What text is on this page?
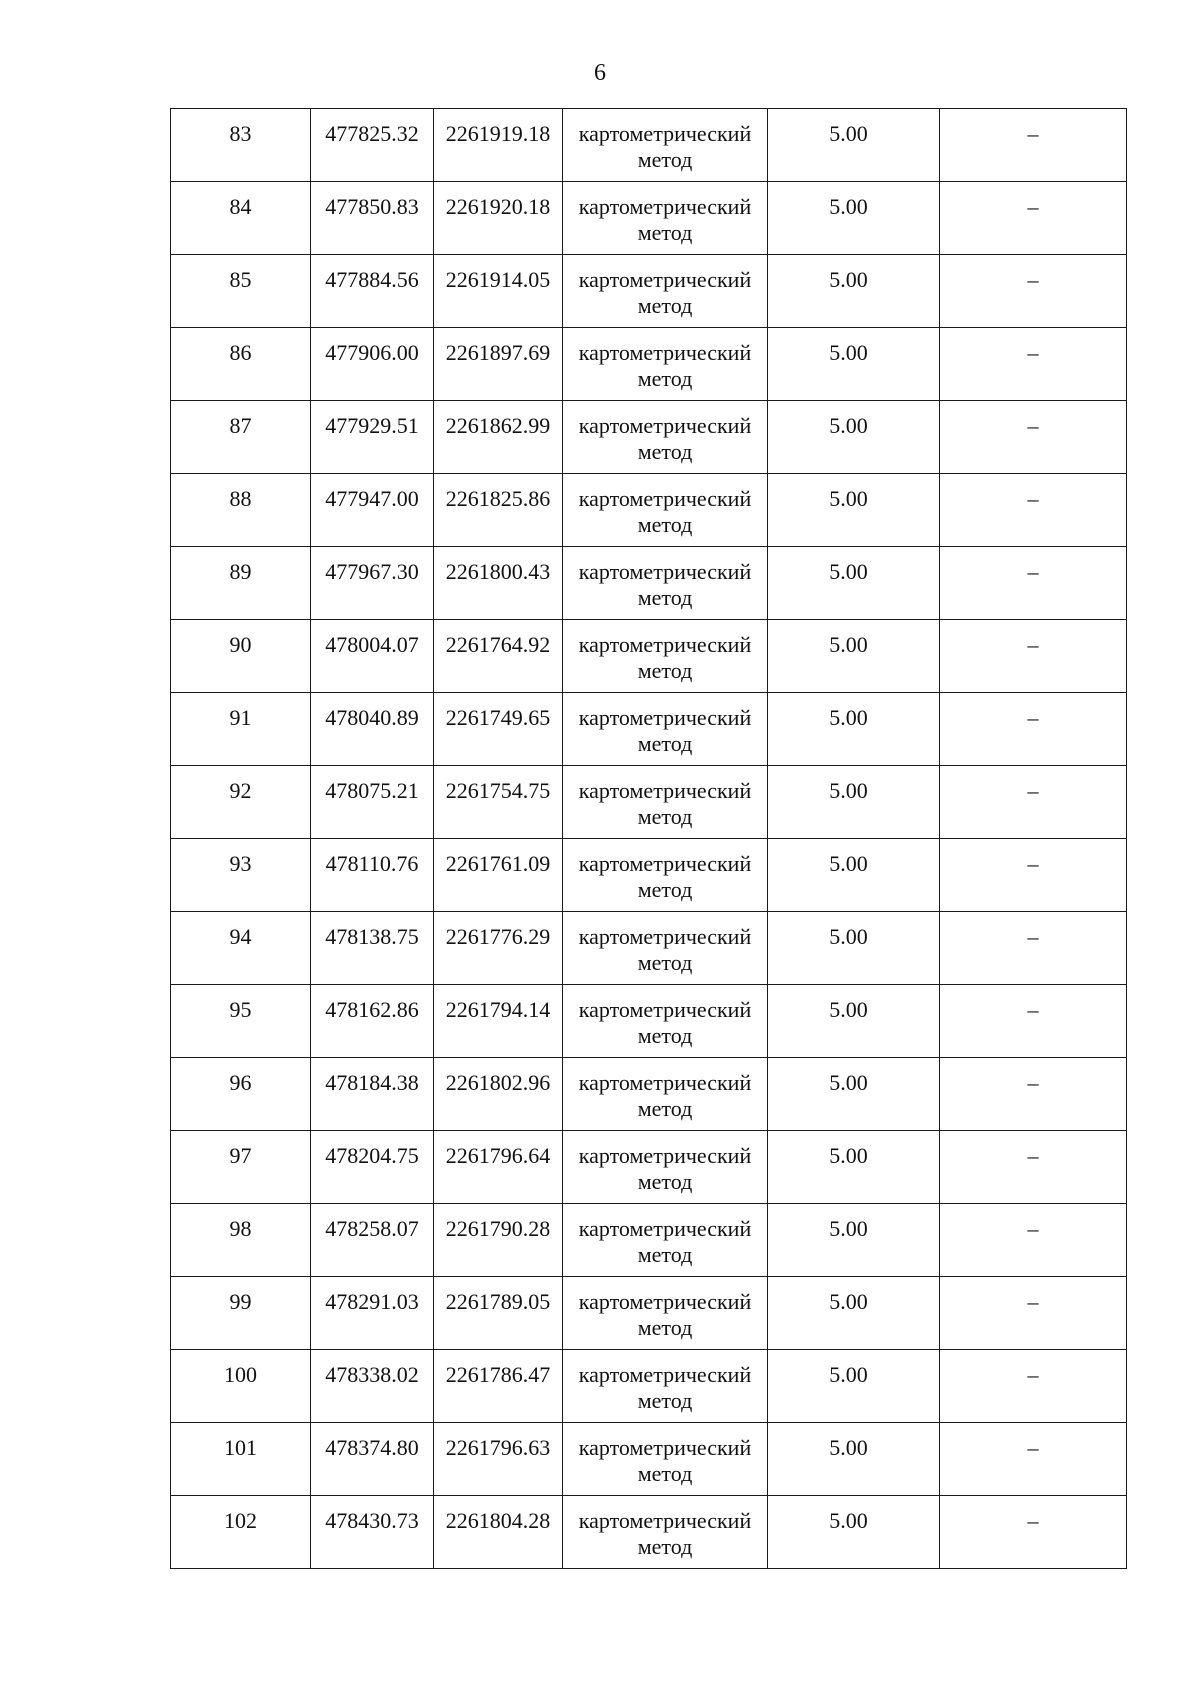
6
83	477825.32	2261919.18	картометрический
метод	5.00	–

84	477850.83	2261920.18	картометрический
метод	5.00	–

85	477884.56	2261914.05	картометрический
метод	5.00	–

86	477906.00	2261897.69	картометрический
метод	5.00	–

87	477929.51	2261862.99	картометрический
метод	5.00	–

88	477947.00	2261825.86	картометрический
метод	5.00	–

89	477967.30	2261800.43	картометрический
метод	5.00	–

90	478004.07	2261764.92	картометрический
метод	5.00	–

91	478040.89	2261749.65	картометрический
метод	5.00	–

92	478075.21	2261754.75	картометрический
метод	5.00	–

93	478110.76	2261761.09	картометрический
метод	5.00	–

94	478138.75	2261776.29	картометрический
метод	5.00	–

95	478162.86	2261794.14	картометрический
метод	5.00	–

96	478184.38	2261802.96	картометрический
метод	5.00	–

97	478204.75	2261796.64	картометрический
метод	5.00	–

98	478258.07	2261790.28	картометрический
метод	5.00	–

99	478291.03	2261789.05	картометрический
метод	5.00	–

100	478338.02	2261786.47	картометрический
метод	5.00	–

101	478374.80	2261796.63	картометрический
метод	5.00	–

102	478430.73	2261804.28	картометрический
метод	5.00	–
